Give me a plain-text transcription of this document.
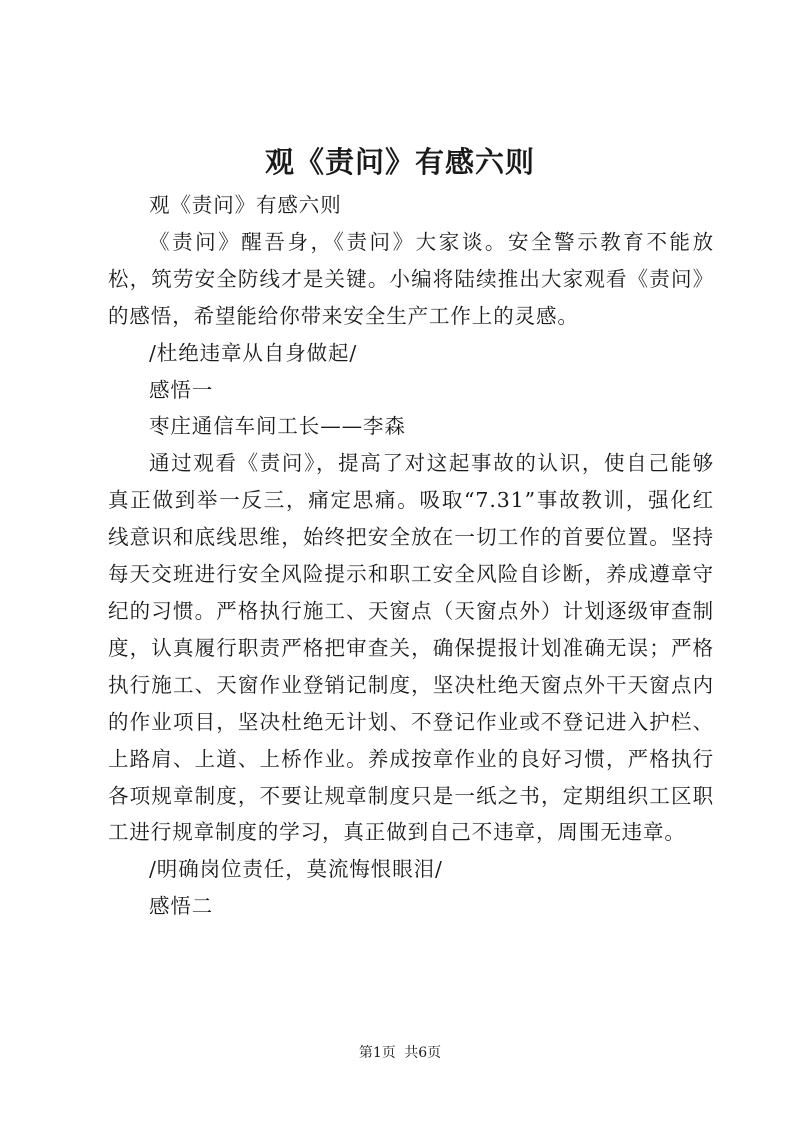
观《责问》有感六则

观《责问》有感六则

《责问》醒吾身，《责问》大家谈。安全警示教育不能放松，筑劳安全防线才是关键。小编将陆续推出大家观看《责问》的感悟，希望能给你带来安全生产工作上的灵感。

/杜绝违章从自身做起/

感悟一

枣庄通信车间工长——李森

通过观看《责问》，提高了对这起事故的认识，使自己能够真正做到举一反三，痛定思痛。吸取“7.31”事故教训，强化红线意识和底线思维，始终把安全放在一切工作的首要位置。坚持每天交班进行安全风险提示和职工安全风险自诊断，养成遵章守纪的习惯。严格执行施工、天窗点（天窗点外）计划逐级审查制度，认真履行职责严格把审查关，确保提报计划准确无误；严格执行施工、天窗作业登销记制度，坚决杜绝天窗点外干天窗点内的作业项目，坚决杜绝无计划、不登记作业或不登记进入护栏、上路肩、上道、上桥作业。养成按章作业的良好习惯，严格执行各项规章制度，不要让规章制度只是一纸之书，定期组织工区职工进行规章制度的学习，真正做到自己不违章，周围无违章。

/明确岗位责任，莫流悔恨眼泪/

感悟二

第1页 共6页
